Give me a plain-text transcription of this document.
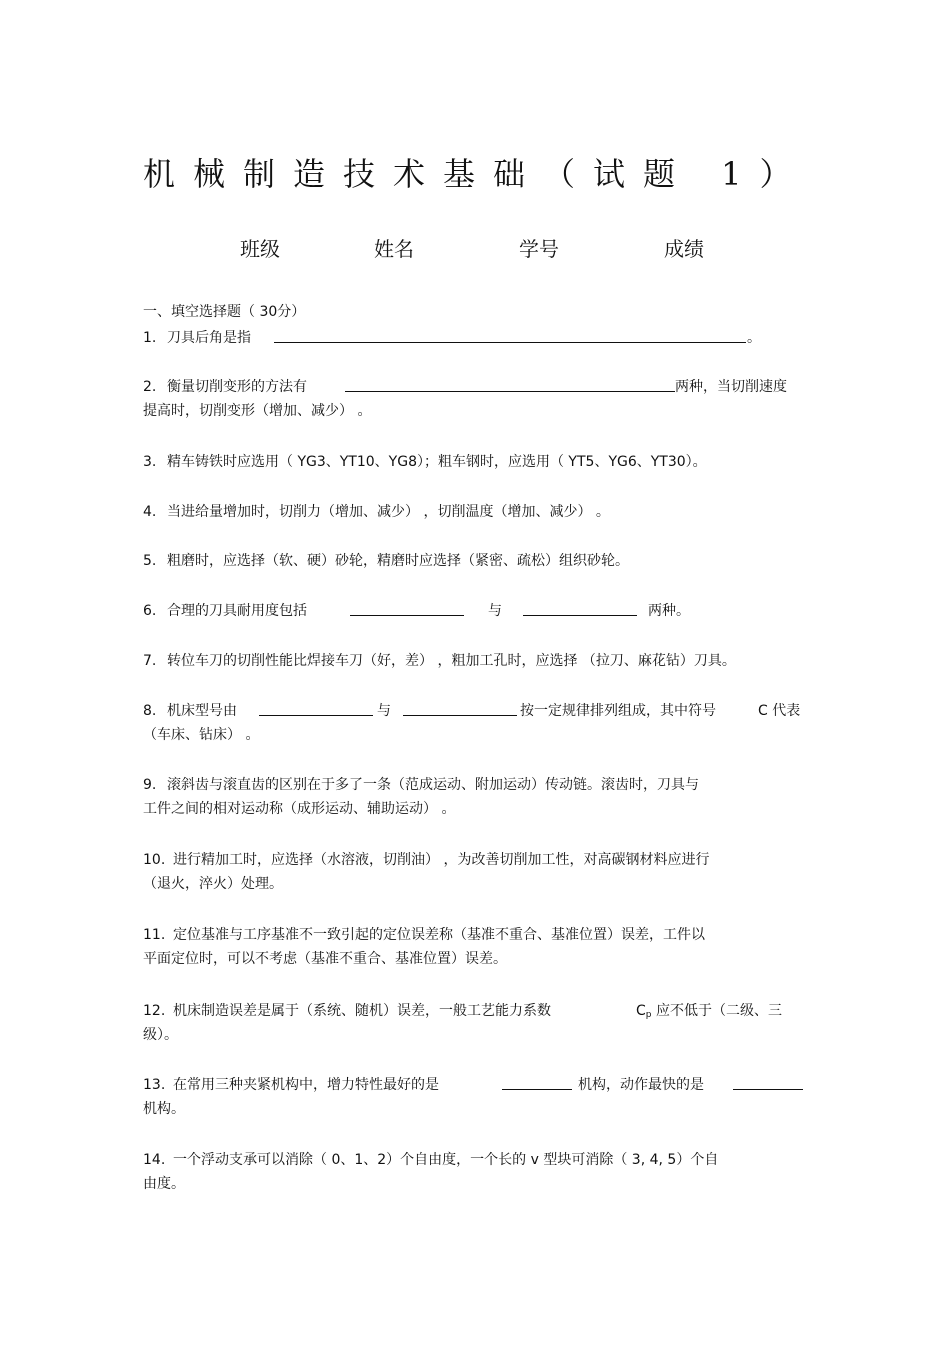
机械制造技术基础（试题 1）
班级	姓名	学号	成绩
一、填空选择题（ 30分）
1. 刀具后角是指	。
2. 衡量切削变形的方法有	两种，当切削速度
提高时，切削变形（增加、减少） 。
3. 精车铸铁时应选用（ YG3、YT10、YG8）；粗车钢时，应选用（ YT5、YG6、YT30）。
4. 当进给量增加时，切削力（增加、减少） ，切削温度（增加、减少） 。
5. 粗磨时，应选择（软、硬）砂轮，精磨时应选择（紧密、疏松）组织砂轮。
6. 合理的刀具耐用度包括	与	两种。
7. 转位车刀的切削性能比焊接车刀（好，差） ，粗加工孔时，应选择 （拉刀、麻花钻）刀具。
8. 机床型号由	与	按一定规律排列组成，其中符号	C 代表
（车床、钻床） 。
9. 滚斜齿与滚直齿的区别在于多了一条（范成运动、附加运动）传动链。滚齿时，刀具与
工件之间的相对运动称（成形运动、辅助运动） 。
10. 进行精加工时，应选择（水溶液，切削油） ，为改善切削加工性，对高碳钢材料应进行
（退火，淬火）处理。
11. 定位基准与工序基准不一致引起的定位误差称（基准不重合、基准位置）误差，工件以
平面定位时，可以不考虑（基准不重合、基准位置）误差。
12. 机床制造误差是属于（系统、随机）误差，一般工艺能力系数	$C_p$ 应不低于（二级、三
级）。
13. 在常用三种夹紧机构中，增力特性最好的是	机构，动作最快的是
机构。
14. 一个浮动支承可以消除（ 0、1、2）个自由度，一个长的 v 型块可消除（ 3, 4, 5）个自
由度。
